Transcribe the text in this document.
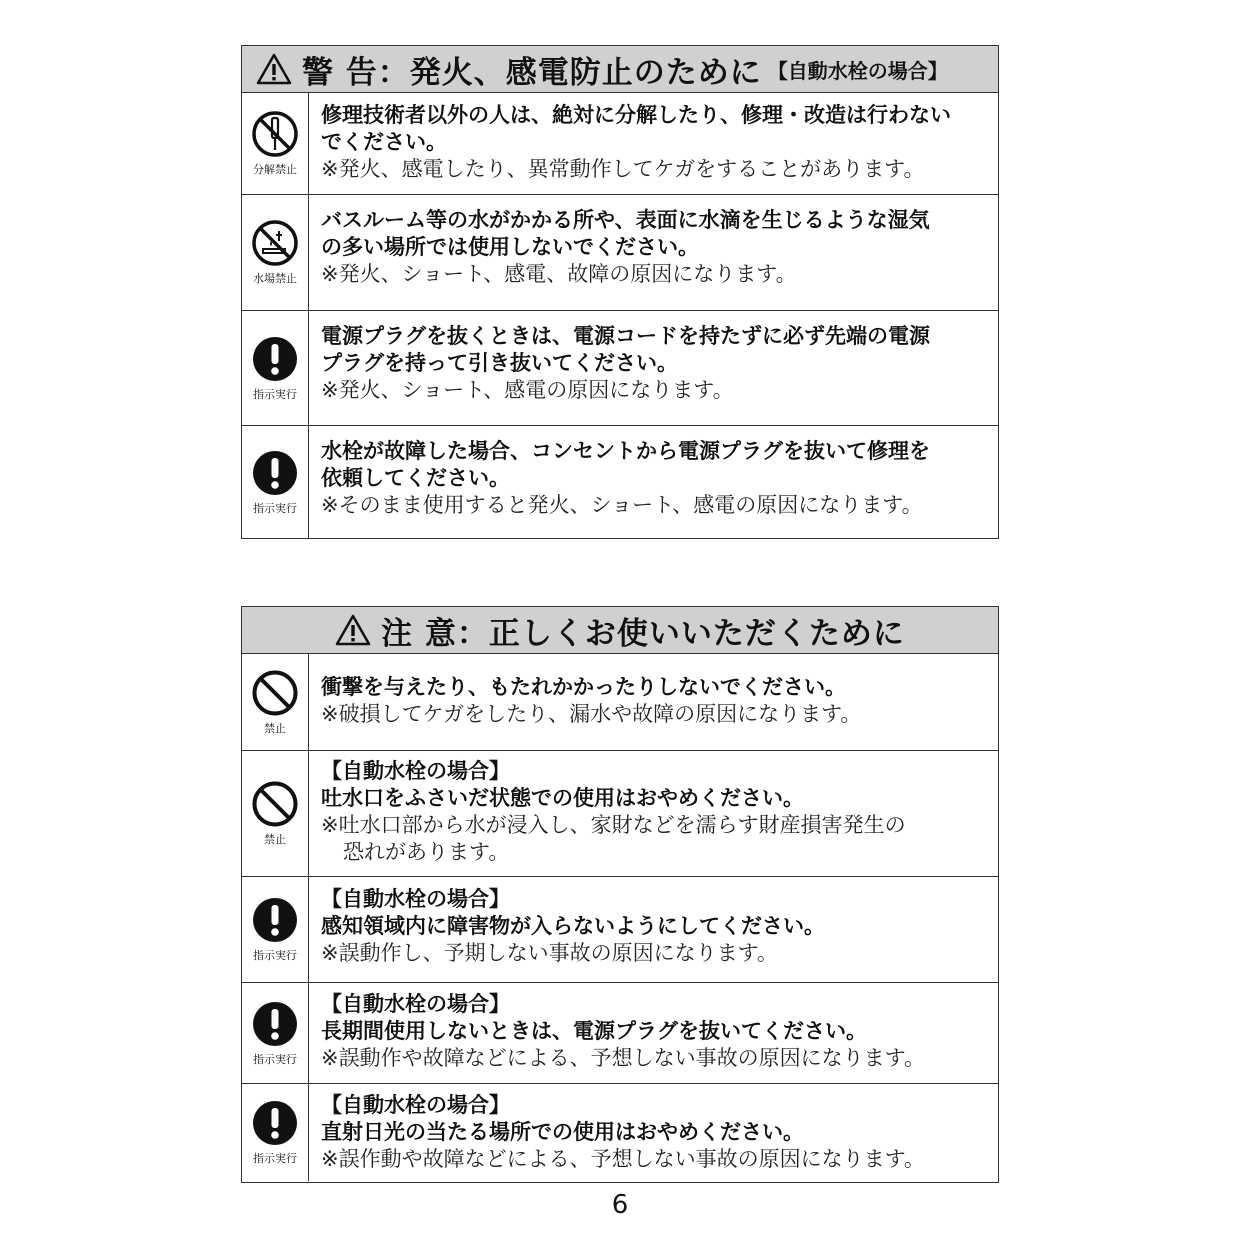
警 告：発火、感電防止のために 【自動水栓の場合】
分解禁止
修理技術者以外の人は、絶対に分解したり、修理・改造は行わない
でください。
※発火、感電したり、異常動作してケガをすることがあります。
水場禁止
バスルーム等の水がかかる所や、表面に水滴を生じるような湿気
の多い場所では使用しないでください。
※発火、ショート、感電、故障の原因になります。
指示実行
電源プラグを抜くときは、電源コードを持たずに必ず先端の電源
プラグを持って引き抜いてください。
※発火、ショート、感電の原因になります。
指示実行
水栓が故障した場合、コンセントから電源プラグを抜いて修理を
依頼してください。
※そのまま使用すると発火、ショート、感電の原因になります。
注 意：正しくお使いいただくために
禁止
衝撃を与えたり、もたれかかったりしないでください。
※破損してケガをしたり、漏水や故障の原因になります。
禁止
【自動水栓の場合】
吐水口をふさいだ状態での使用はおやめください。
※吐水口部から水が浸入し、家財などを濡らす財産損害発生の
恐れがあります。
指示実行
【自動水栓の場合】
感知領域内に障害物が入らないようにしてください。
※誤動作し、予期しない事故の原因になります。
指示実行
【自動水栓の場合】
長期間使用しないときは、電源プラグを抜いてください。
※誤動作や故障などによる、予想しない事故の原因になります。
指示実行
【自動水栓の場合】
直射日光の当たる場所での使用はおやめください。
※誤作動や故障などによる、予想しない事故の原因になります。
6
